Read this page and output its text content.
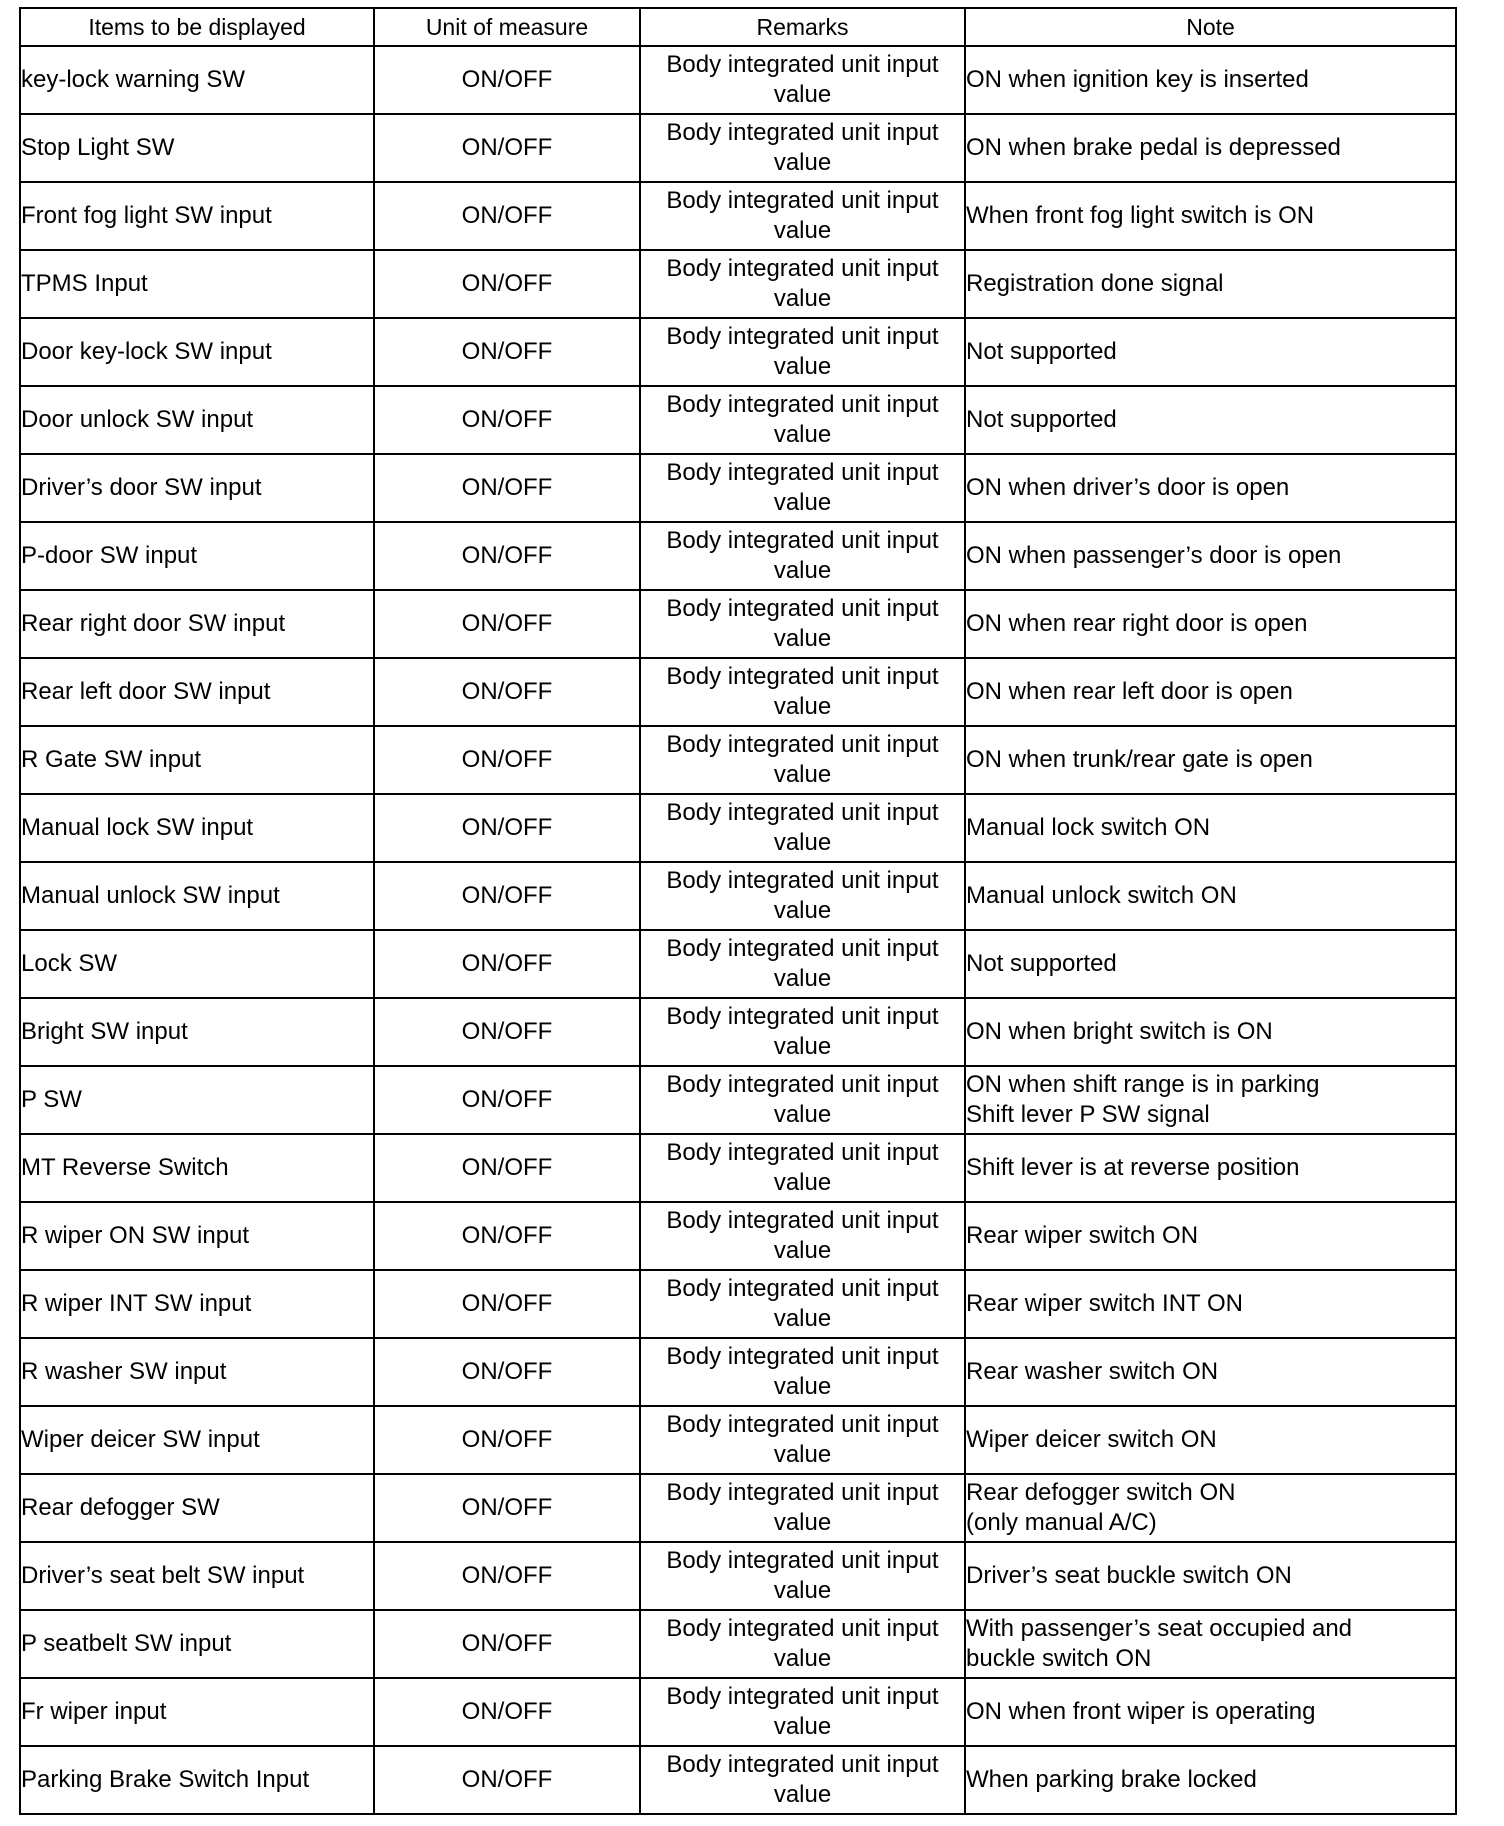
Items to be displayed	Unit of measure	Remarks	Note
key-lock warning SW	ON/OFF	Body integrated unit input value	ON when ignition key is inserted
Stop Light SW	ON/OFF	Body integrated unit input value	ON when brake pedal is depressed
Front fog light SW input	ON/OFF	Body integrated unit input value	When front fog light switch is ON
TPMS Input	ON/OFF	Body integrated unit input value	Registration done signal
Door key-lock SW input	ON/OFF	Body integrated unit input value	Not supported
Door unlock SW input	ON/OFF	Body integrated unit input value	Not supported
Driver’s door SW input	ON/OFF	Body integrated unit input value	ON when driver’s door is open
P-door SW input	ON/OFF	Body integrated unit input value	ON when passenger’s door is open
Rear right door SW input	ON/OFF	Body integrated unit input value	ON when rear right door is open
Rear left door SW input	ON/OFF	Body integrated unit input value	ON when rear left door is open
R Gate SW input	ON/OFF	Body integrated unit input value	ON when trunk/rear gate is open
Manual lock SW input	ON/OFF	Body integrated unit input value	Manual lock switch ON
Manual unlock SW input	ON/OFF	Body integrated unit input value	Manual unlock switch ON
Lock SW	ON/OFF	Body integrated unit input value	Not supported
Bright SW input	ON/OFF	Body integrated unit input value	ON when bright switch is ON
P SW	ON/OFF	Body integrated unit input value	ON when shift range is in parking
Shift lever P SW signal
MT Reverse Switch	ON/OFF	Body integrated unit input value	Shift lever is at reverse position
R wiper ON SW input	ON/OFF	Body integrated unit input value	Rear wiper switch ON
R wiper INT SW input	ON/OFF	Body integrated unit input value	Rear wiper switch INT ON
R washer SW input	ON/OFF	Body integrated unit input value	Rear washer switch ON
Wiper deicer SW input	ON/OFF	Body integrated unit input value	Wiper deicer switch ON
Rear defogger SW	ON/OFF	Body integrated unit input value	Rear defogger switch ON
(only manual A/C)
Driver’s seat belt SW input	ON/OFF	Body integrated unit input value	Driver’s seat buckle switch ON
P seatbelt SW input	ON/OFF	Body integrated unit input value	With passenger’s seat occupied and
buckle switch ON
Fr wiper input	ON/OFF	Body integrated unit input value	ON when front wiper is operating
Parking Brake Switch Input	ON/OFF	Body integrated unit input value	When parking brake locked
